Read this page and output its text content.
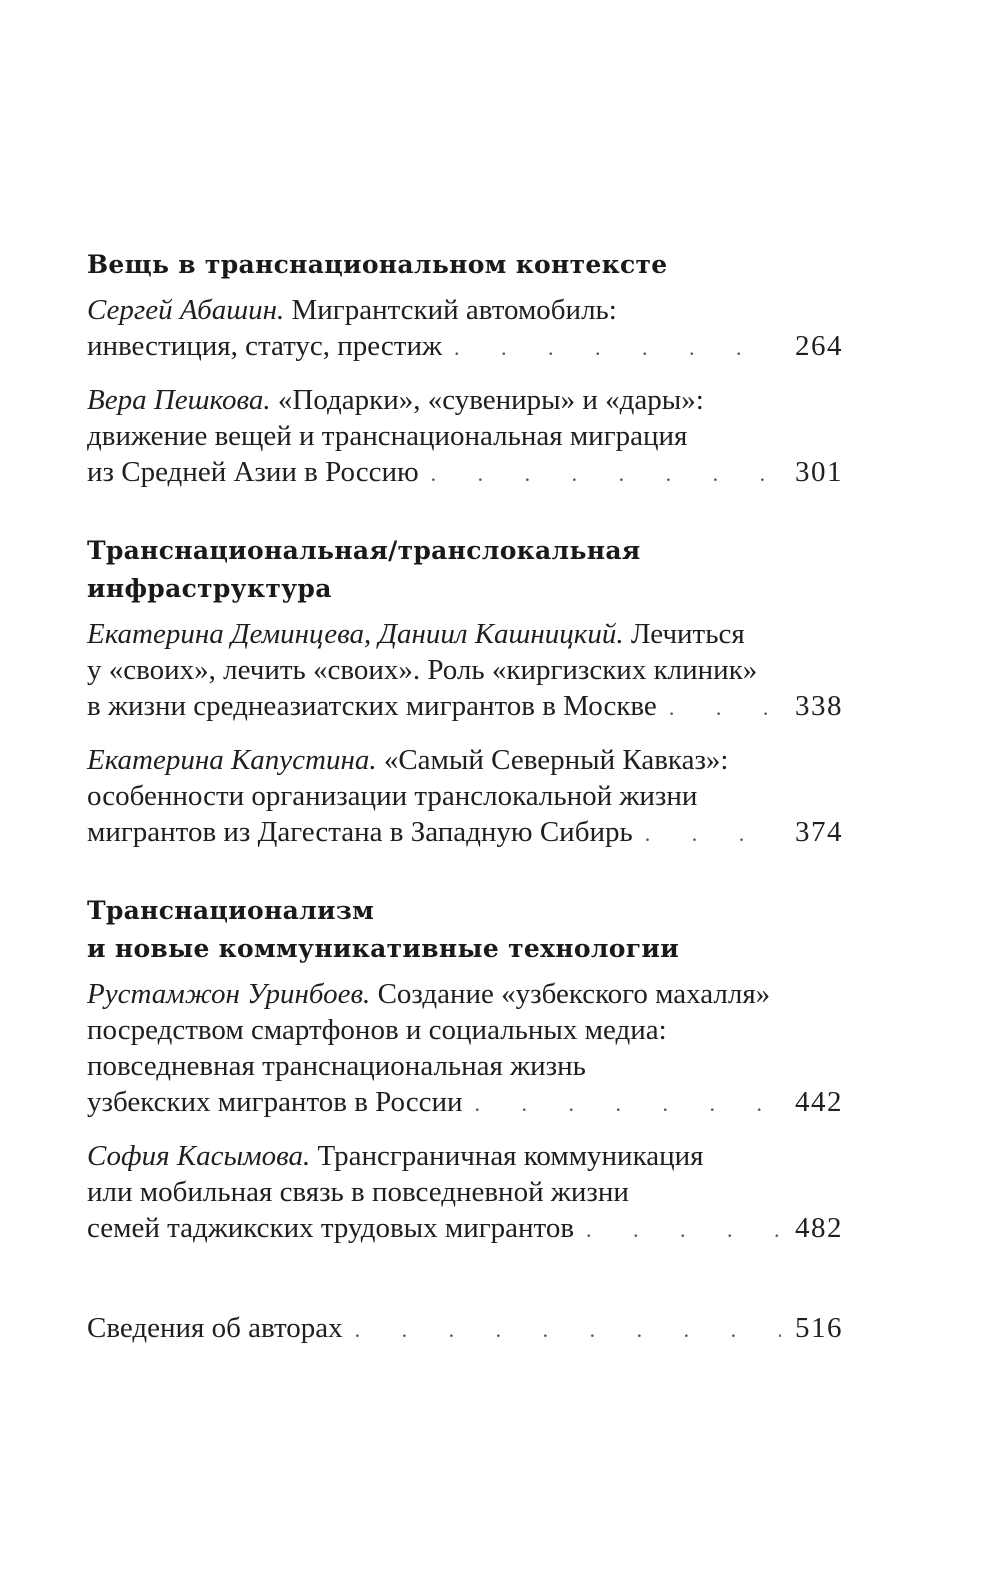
Вещь в транснациональном контексте
Сергей Абашин. Мигрантский автомобиль:
инвестиция, статус, престиж . . .	264
Вера Пешкова. «Подарки», «сувениры» и «дары»:
движение вещей и транснациональная миграция
из Средней Азии в Россию . . .	301
Транснациональная/транслокальная
инфраструктура
Екатерина Деминцева, Даниил Кашницкий. Лечиться
у «своих», лечить «своих». Роль «киргизских клиник»
в жизни среднеазиатских мигрантов в Москве . . .	338
Екатерина Капустина. «Самый Северный Кавказ»:
особенности организации транслокальной жизни
мигрантов из Дагестана в Западную Сибирь . . .	374
Транснационализм
и новые коммуникативные технологии
Рустамжон Уринбоев. Создание «узбекского махалля»
посредством смартфонов и социальных медиа:
повседневная транснациональная жизнь
узбекских мигрантов в России . . .	442
София Касымова. Трансграничная коммуникация
или мобильная связь в повседневной жизни
семей таджикских трудовых мигрантов . . .	482
Сведения об авторах . . .	516
